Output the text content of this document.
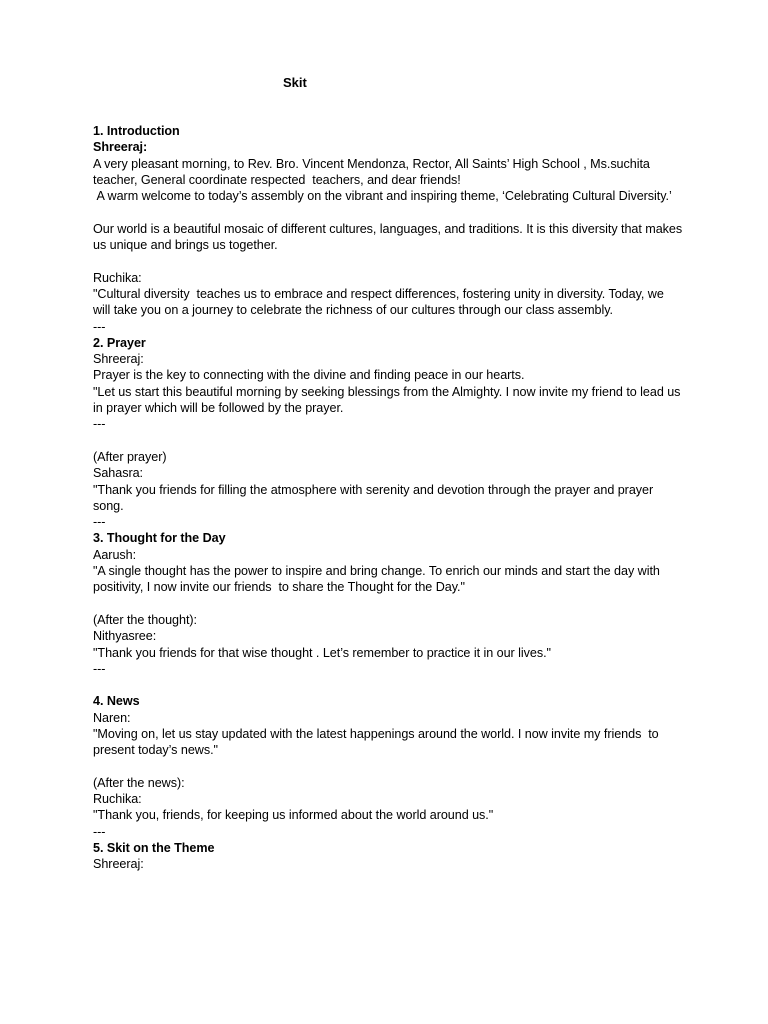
Skit

1. Introduction

Shreeraj:

A very pleasant morning, to Rev. Bro. Vincent Mendonza, Rector, All Saints’ High School , Ms.suchita teacher, General coordinate respected  teachers, and dear friends!

A warm welcome to today’s assembly on the vibrant and inspiring theme, ‘Celebrating Cultural Diversity.’

Our world is a beautiful mosaic of different cultures, languages, and traditions. It is this diversity that makes us unique and brings us together.

Ruchika:

"Cultural diversity  teaches us to embrace and respect differences, fostering unity in diversity. Today, we will take you on a journey to celebrate the richness of our cultures through our class assembly.

---

2. Prayer

Shreeraj:

Prayer is the key to connecting with the divine and finding peace in our hearts.

"Let us start this beautiful morning by seeking blessings from the Almighty. I now invite my friend to lead us in prayer which will be followed by the prayer.

---

(After prayer)

Sahasra:

"Thank you friends for filling the atmosphere with serenity and devotion through the prayer and prayer song.

---

3. Thought for the Day

Aarush:

"A single thought has the power to inspire and bring change. To enrich our minds and start the day with positivity, I now invite our friends  to share the Thought for the Day."

(After the thought):

Nithyasree:

"Thank you friends for that wise thought . Let’s remember to practice it in our lives."

---

4. News

Naren:

"Moving on, let us stay updated with the latest happenings around the world. I now invite my friends  to present today’s news."

(After the news):

Ruchika:

"Thank you, friends, for keeping us informed about the world around us."

---

5. Skit on the Theme

Shreeraj:
